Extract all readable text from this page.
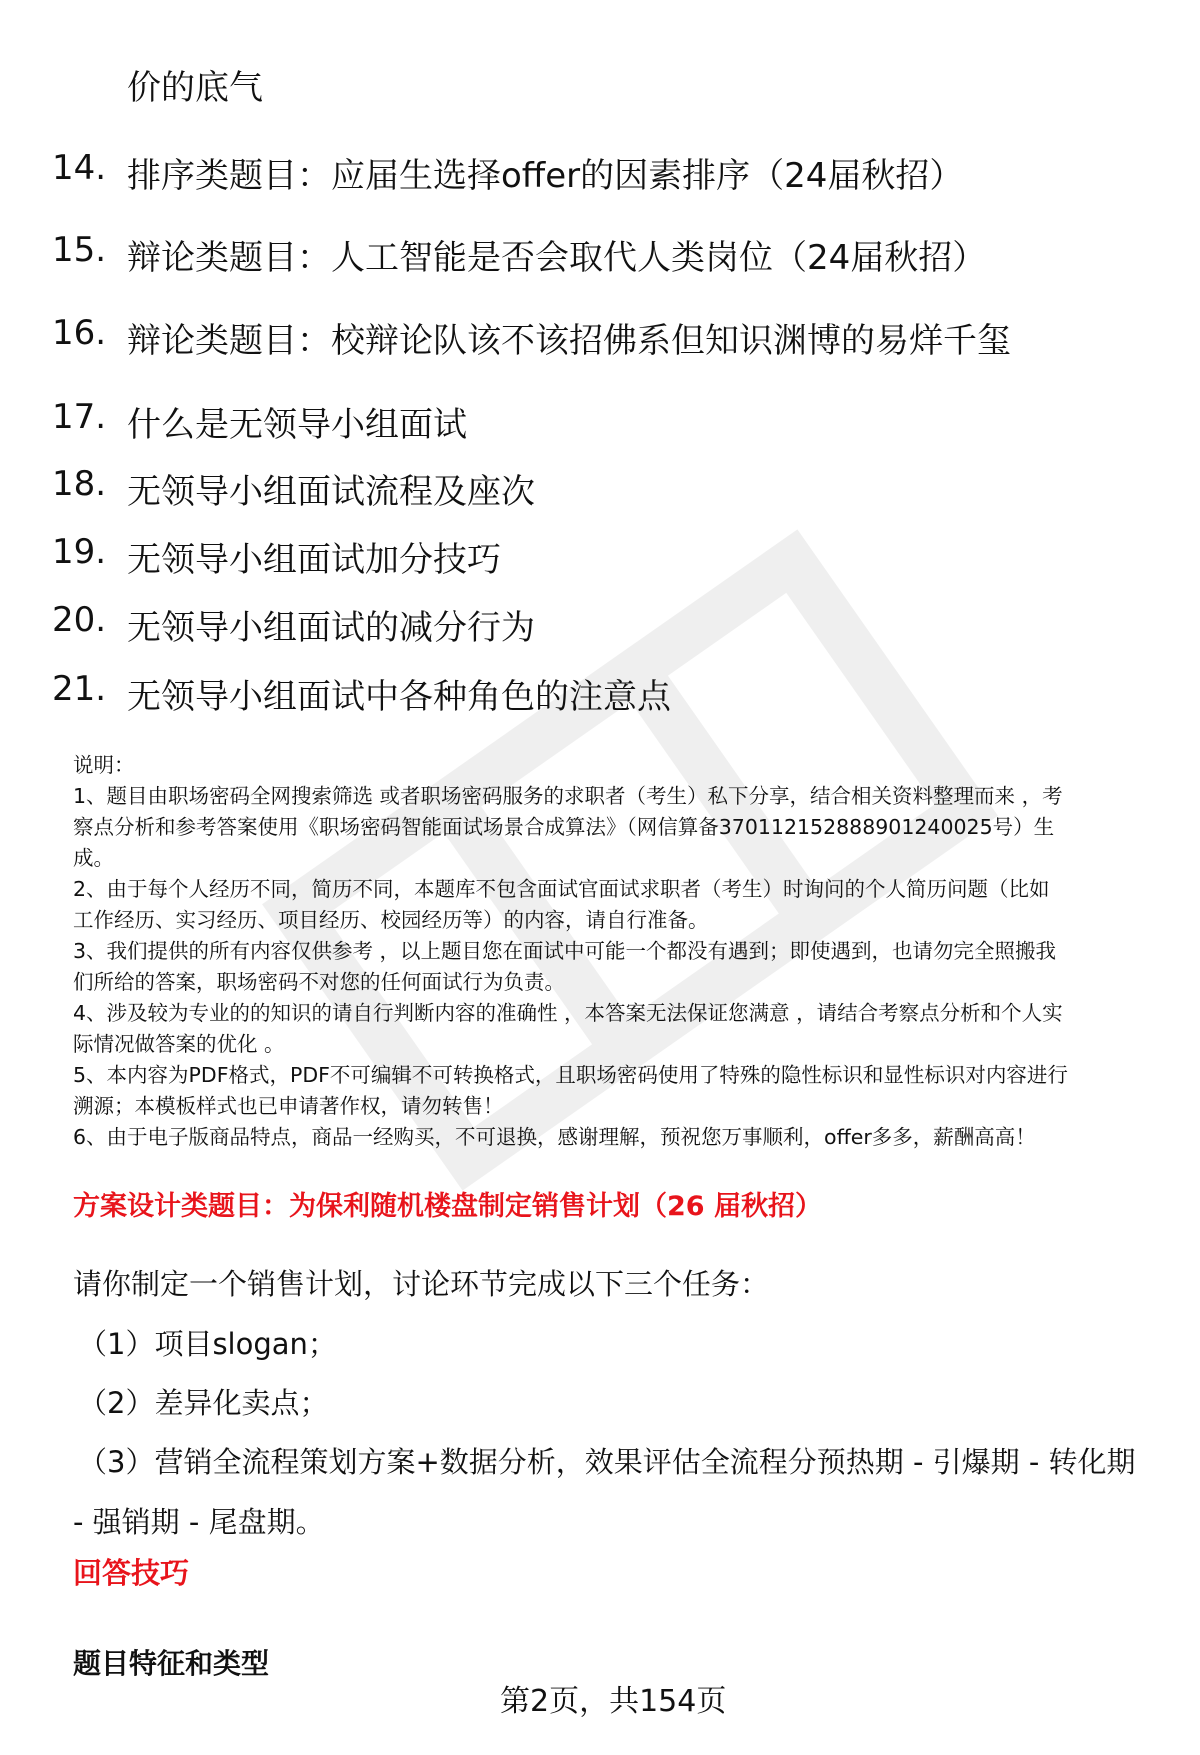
价的底气
14. 排序类题目：应届生选择offer的因素排序（24届秋招）
15. 辩论类题目：人工智能是否会取代人类岗位（24届秋招）
16. 辩论类题目：校辩论队该不该招佛系但知识渊博的易烊千玺
17. 什么是无领导小组面试
18. 无领导小组面试流程及座次
19. 无领导小组面试加分技巧
20. 无领导小组面试的减分行为
21. 无领导小组面试中各种角色的注意点
说明：
1、题目由职场密码全网搜索筛选 或者职场密码服务的求职者（考生）私下分享，结合相关资料整理而来 ，考
察点分析和参考答案使用《职场密码智能面试场景合成算法》（网信算备370112152888901240025号）生
成。
2、由于每个人经历不同，简历不同，本题库不包含面试官面试求职者（考生）时询问的个人简历问题（比如
工作经历、实习经历、项目经历、校园经历等）的内容，请自行准备。
3、我们提供的所有内容仅供参考 ，以上题目您在面试中可能一个都没有遇到；即使遇到，也请勿完全照搬我
们所给的答案，职场密码不对您的任何面试行为负责。
4、涉及较为专业的的知识的请自行判断内容的准确性 ，本答案无法保证您满意 ，请结合考察点分析和个人实
际情况做答案的优化 。
5、本内容为PDF格式，PDF不可编辑不可转换格式，且职场密码使用了特殊的隐性标识和显性标识对内容进行
溯源；本模板样式也已申请著作权，请勿转售！
6、由于电子版商品特点，商品一经购买，不可退换，感谢理解，预祝您万事顺利，offer多多，薪酬高高！
方案设计类题目：为保利随机楼盘制定销售计划（26 届秋招）
请你制定一个销售计划，讨论环节完成以下三个任务：
（1）项目slogan；
（2）差异化卖点；
（3）营销全流程策划方案+数据分析，效果评估全流程分预热期 - 引爆期 - 转化期
- 强销期 - 尾盘期。
回答技巧
题目特征和类型
第2页，共154页
